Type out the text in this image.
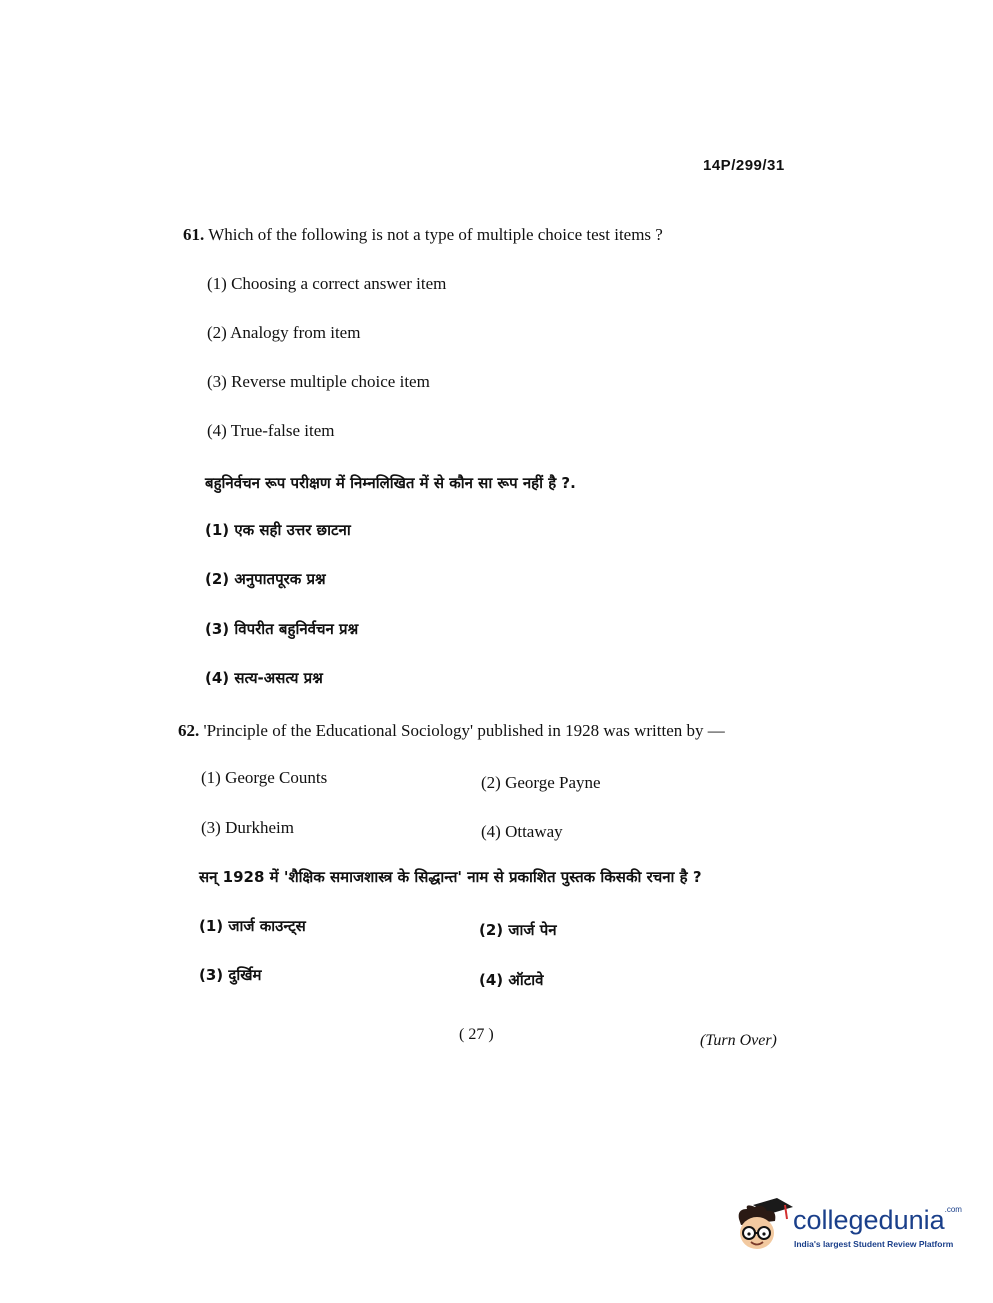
14P/299/31
61. Which of the following is not a type of multiple choice test items ?
(1) Choosing a correct answer item
(2) Analogy from item
(3) Reverse multiple choice item
(4) True-false item
बहुनिर्वचन रूप परीक्षण में निम्नलिखित में से कौन सा रूप नहीं है ?.
(1) एक सही उत्तर छाटना
(2) अनुपातपूरक प्रश्न
(3) विपरीत बहुनिर्वचन प्रश्न
(4) सत्य-असत्य प्रश्न
62. 'Principle of the Educational Sociology' published in 1928 was written by —
(1) George Counts	(2) George Payne
(3) Durkheim	(4) Ottaway
सन् 1928 में 'शैक्षिक समाजशास्त्र के सिद्धान्त' नाम से प्रकाशित पुस्तक किसकी रचना है ?
(1) जार्ज काउन्ट्स	(2) जार्ज पेन
(3) दुर्खिम	(4) ऑटावे
( 27 )	(Turn Over)
collegedunia$^{.com}$
India's largest Student Review Platform
